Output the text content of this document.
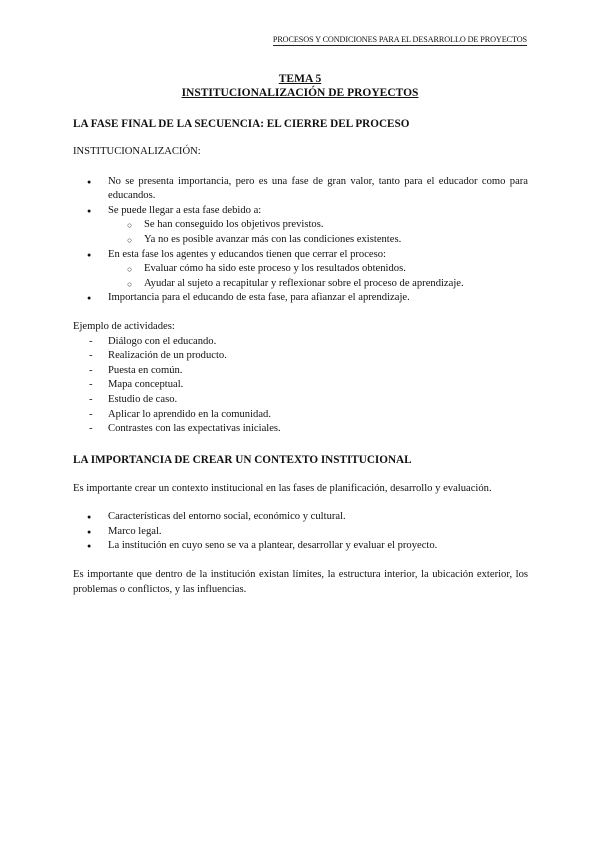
PROCESOS Y CONDICIONES PARA EL DESARROLLO DE PROYECTOS
TEMA 5
INSTITUCIONALIZACIÓN DE PROYECTOS
LA FASE FINAL DE LA SECUENCIA: EL CIERRE DEL PROCESO

INSTITUCIONALIZACIÓN:

● No se presenta importancia, pero es una fase de gran valor, tanto para el educador como para educandos.
● Se puede llegar a esta fase debido a:
○ Se han conseguido los objetivos previstos.
○ Ya no es posible avanzar más con las condiciones existentes.
● En esta fase los agentes y educandos tienen que cerrar el proceso:
○ Evaluar cómo ha sido este proceso y los resultados obtenidos.
○ Ayudar al sujeto a recapitular y reflexionar sobre el proceso de aprendizaje.
● Importancia para el educando de esta fase, para afianzar el aprendizaje.

Ejemplo de actividades:

- Diálogo con el educando.
- Realización de un producto.
- Puesta en común.
- Mapa conceptual.
- Estudio de caso.
- Aplicar lo aprendido en la comunidad.
- Contrastes con las expectativas iniciales.
LA IMPORTANCIA DE CREAR UN CONTEXTO INSTITUCIONAL

Es importante crear un contexto institucional en las fases de planificación, desarrollo y evaluación.

● Características del entorno social, económico y cultural.
● Marco legal.
● La institución en cuyo seno se va a plantear, desarrollar y evaluar el proyecto.

Es importante que dentro de la institución existan límites, la estructura interior, la ubicación exterior, los problemas o conflictos, y las influencias.
